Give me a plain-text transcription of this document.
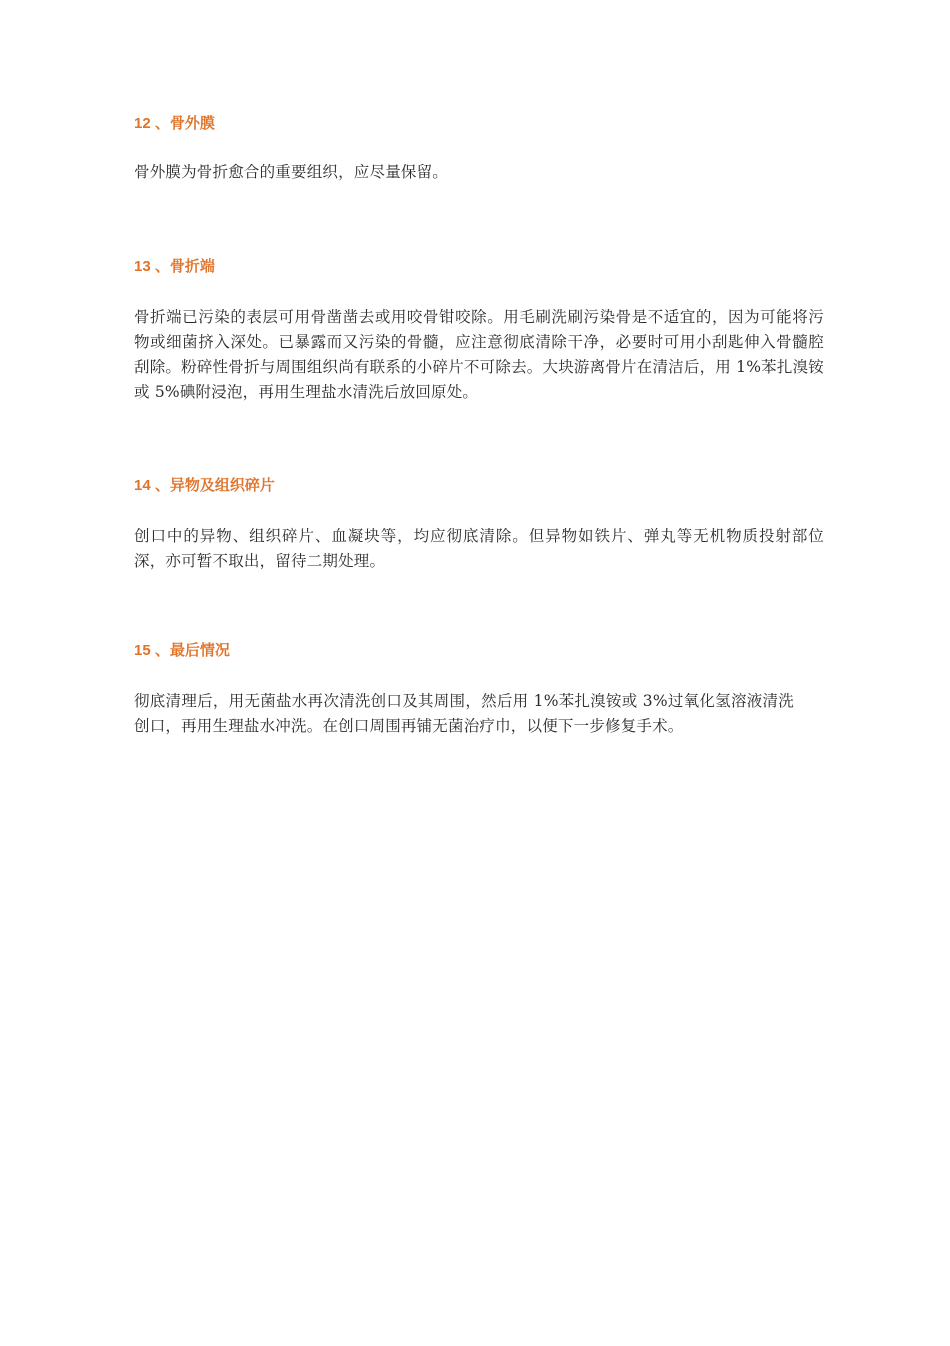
12 、骨外膜

骨外膜为骨折愈合的重要组织，应尽量保留。

13 、骨折端

骨折端已污染的表层可用骨凿凿去或用咬骨钳咬除。用毛刷洗刷污染骨是不适宜的，因为可能将污物或细菌挤入深处。已暴露而又污染的骨髓，应注意彻底清除干净，必要时可用小刮匙伸入骨髓腔刮除。粉碎性骨折与周围组织尚有联系的小碎片不可除去。大块游离骨片在清洁后，用 1%苯扎溴铵或 5%碘附浸泡，再用生理盐水清洗后放回原处。

14 、异物及组织碎片

创口中的异物、组织碎片、血凝块等，均应彻底清除。但异物如铁片、弹丸等无机物质投射部位深，亦可暂不取出，留待二期处理。

15 、最后情况

彻底清理后，用无菌盐水再次清洗创口及其周围，然后用 1%苯扎溴铵或 3%过氧化氢溶液清洗创口，再用生理盐水冲洗。在创口周围再铺无菌治疗巾，以便下一步修复手术。
